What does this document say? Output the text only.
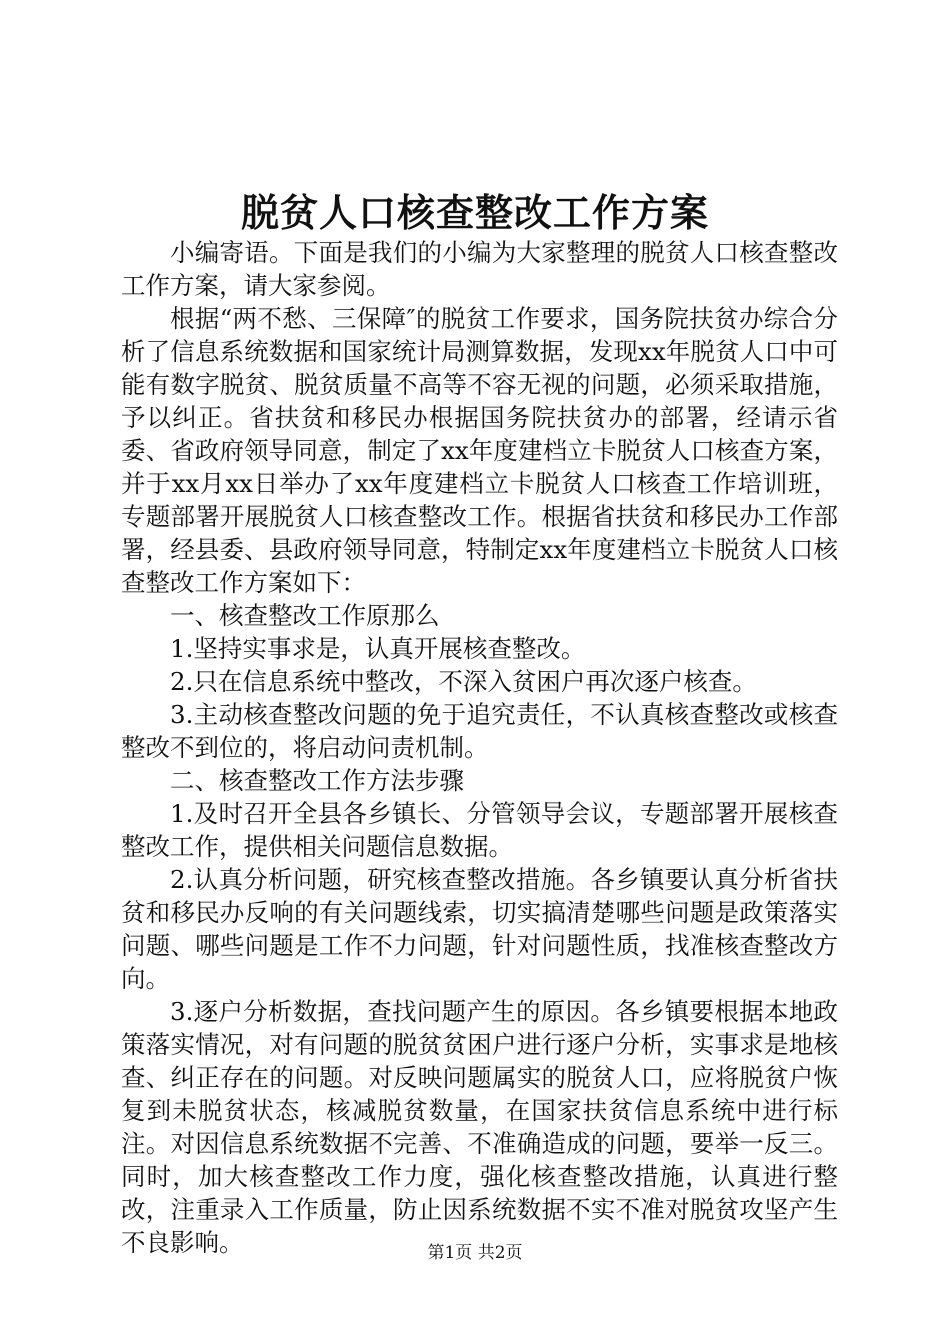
脱贫人口核查整改工作方案

小编寄语。下面是我们的小编为大家整理的脱贫人口核查整改工作方案，请大家参阅。

根据“两不愁、三保障″的脱贫工作要求，国务院扶贫办综合分析了信息系统数据和国家统计局测算数据，发现xx年脱贫人口中可能有数字脱贫、脱贫质量不高等不容无视的问题，必须采取措施，予以纠正。省扶贫和移民办根据国务院扶贫办的部署，经请示省委、省政府领导同意，制定了xx年度建档立卡脱贫人口核查方案，并于xx月xx日举办了xx年度建档立卡脱贫人口核查工作培训班，专题部署开展脱贫人口核查整改工作。根据省扶贫和移民办工作部署，经县委、县政府领导同意，特制定xx年度建档立卡脱贫人口核查整改工作方案如下：

一、核查整改工作原那么

1.坚持实事求是，认真开展核查整改。

2.只在信息系统中整改，不深入贫困户再次逐户核查。

3.主动核查整改问题的免于追究责任，不认真核查整改或核查整改不到位的，将启动问责机制。

二、核查整改工作方法步骤

1.及时召开全县各乡镇长、分管领导会议，专题部署开展核查整改工作，提供相关问题信息数据。

2.认真分析问题，研究核查整改措施。各乡镇要认真分析省扶贫和移民办反响的有关问题线索，切实搞清楚哪些问题是政策落实问题、哪些问题是工作不力问题，针对问题性质，找准核查整改方向。

3.逐户分析数据，查找问题产生的原因。各乡镇要根据本地政策落实情况，对有问题的脱贫贫困户进行逐户分析，实事求是地核查、纠正存在的问题。对反映问题属实的脱贫人口，应将脱贫户恢复到未脱贫状态，核减脱贫数量，在国家扶贫信息系统中进行标注。对因信息系统数据不完善、不准确造成的问题，要举一反三。同时，加大核查整改工作力度，强化核查整改措施，认真进行整改，注重录入工作质量，防止因系统数据不实不准对脱贫攻坚产生不良影响。	第1页 共2页
